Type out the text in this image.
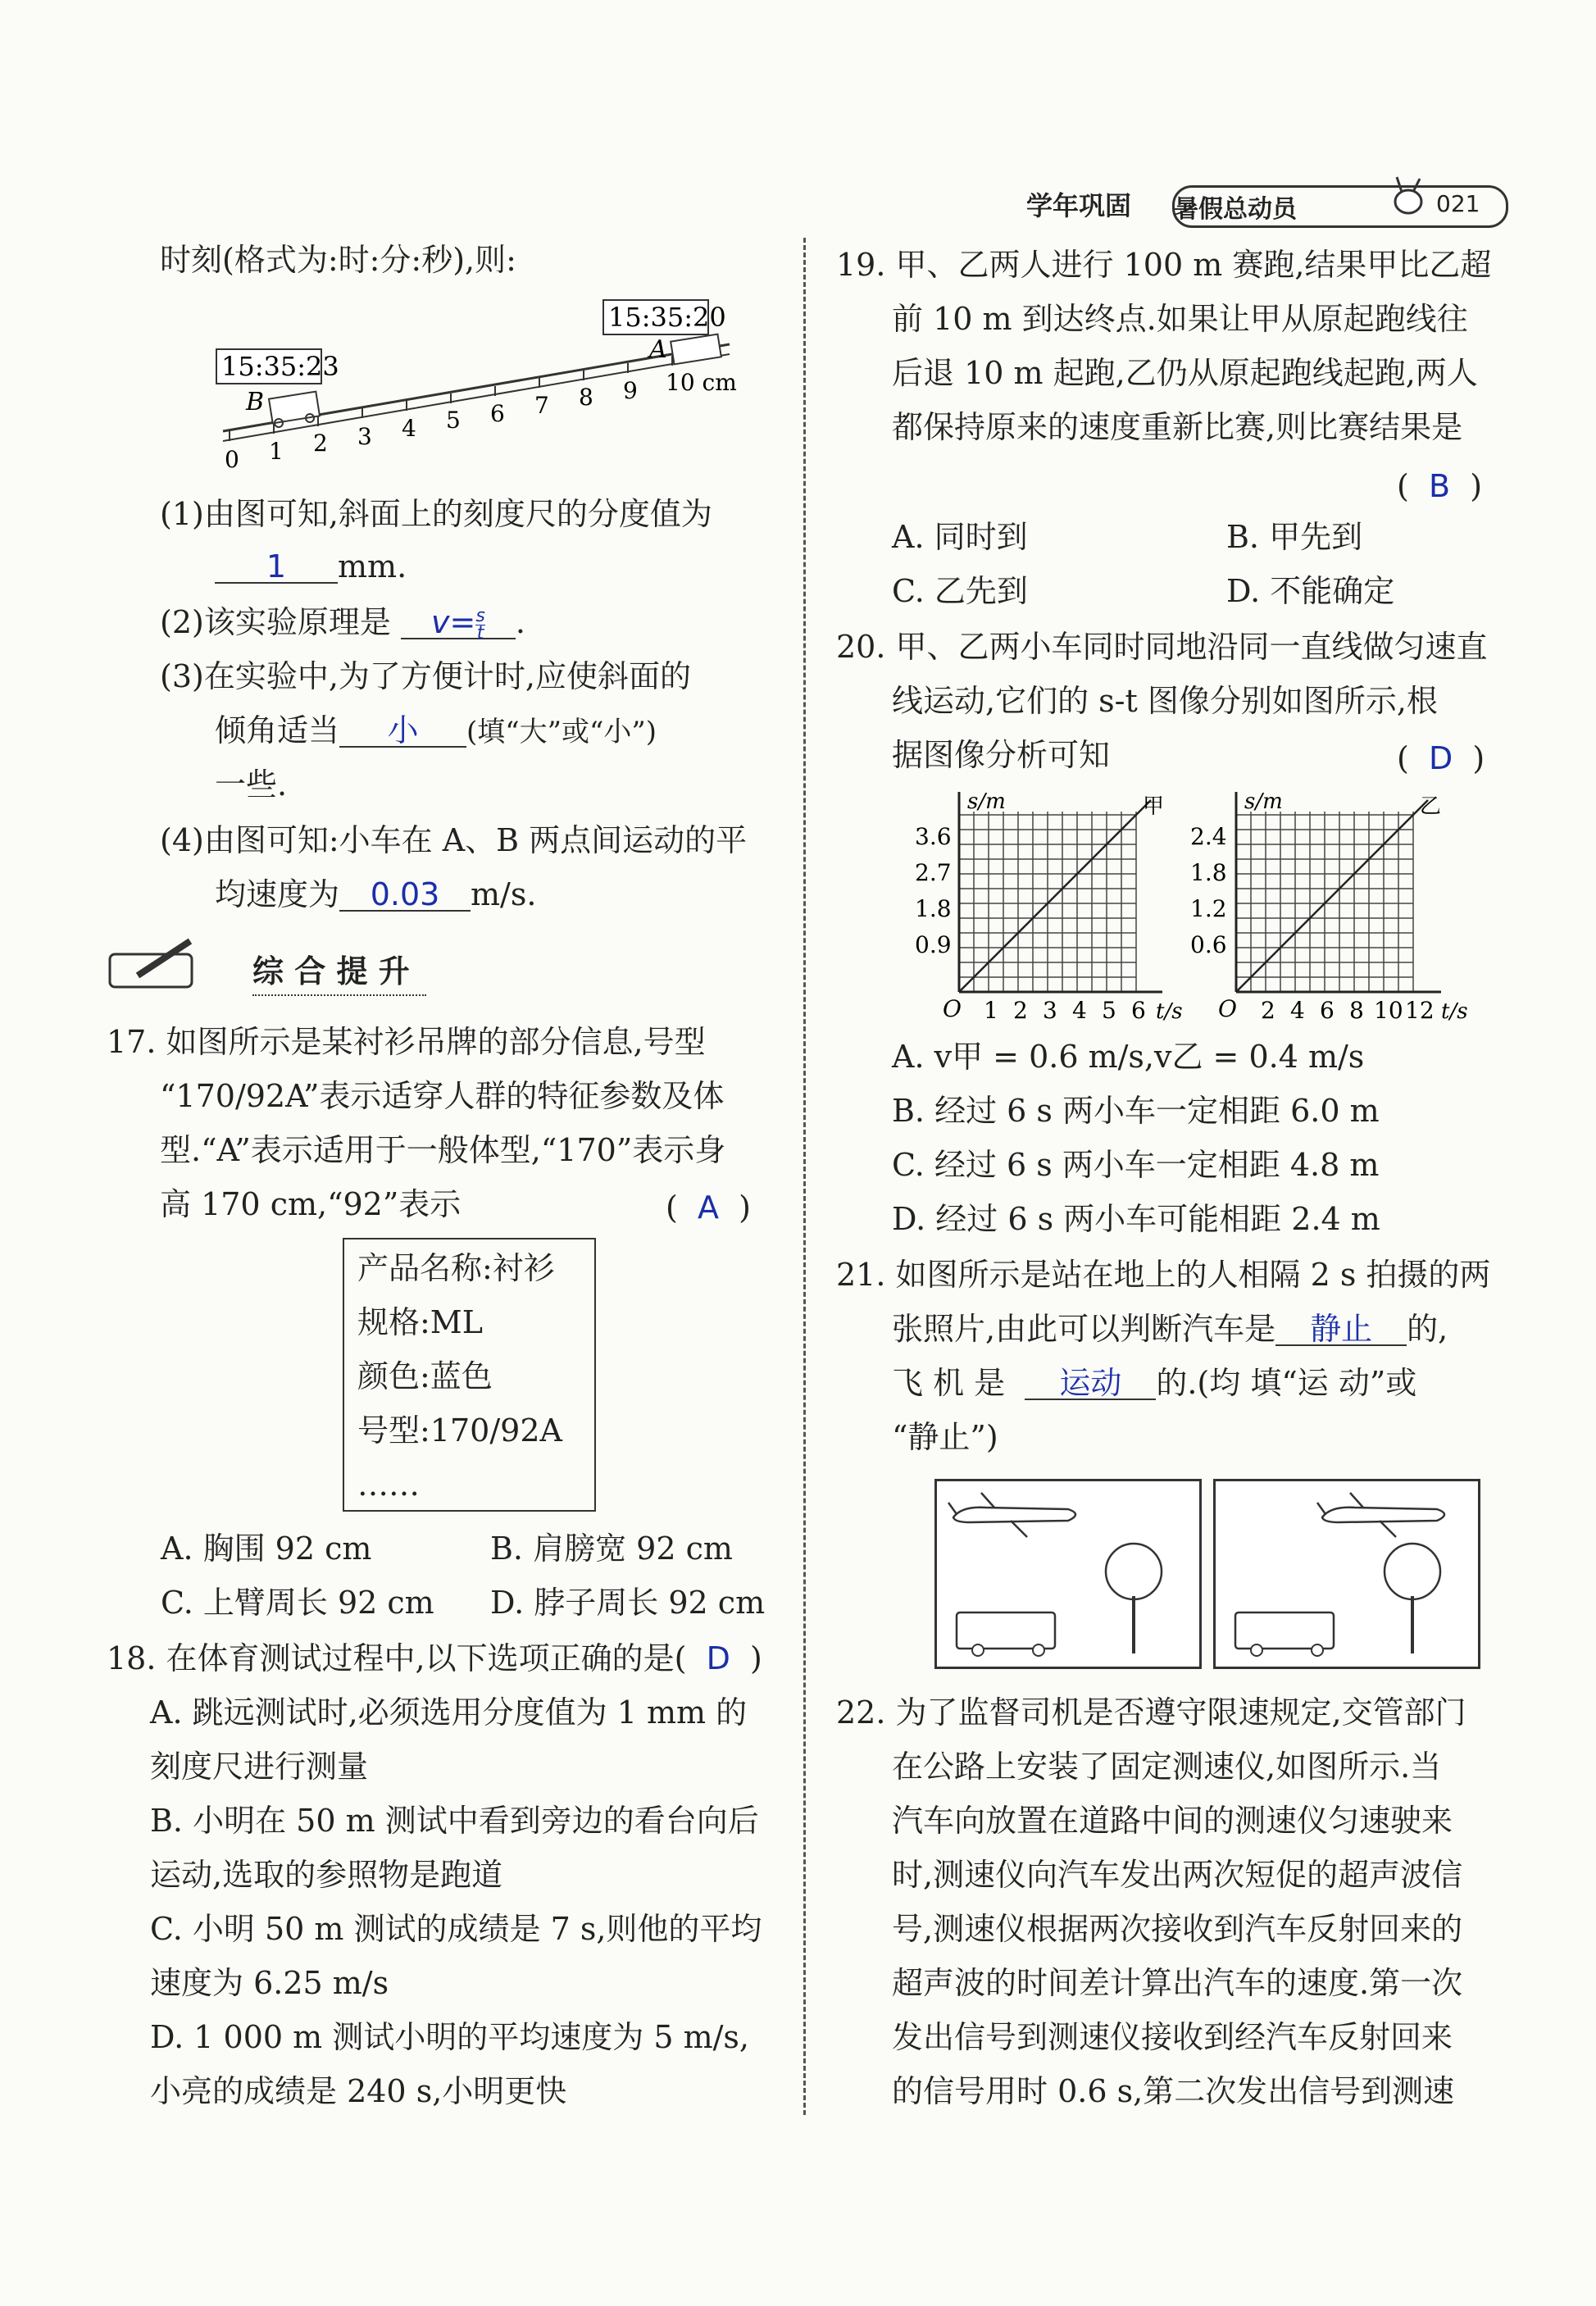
学年巩固 暑假总动员	021
时刻(格式为:时:分:秒),则:
15:35:20
15:35:23
0 1 2 3 4 5 6 7 8 9 10 cm
B
A
(1)由图可知,斜面上的刻度尺的分度值为
1 mm.
(2)该实验原理是 $v= \frac{s}{t}$ .
(3)在实验中,为了方便计时,应使斜面的
倾角适当 小 (填“大”或“小”)
一些.
(4)由图可知:小车在 A、B 两点间运动的平
均速度为 0.03 m/s.
综 合 提 升
17. 如图所示是某衬衫吊牌的部分信息,号型
“170/92A”表示适穿人群的特征参数及体
型.“A”表示适用于一般体型,“170”表示身
高 170 cm,“92”表示	(  A  )
产品名称:衬衫
规格:ML
颜色:蓝色
号型:170/92A
……
A. 胸围 92 cm	B. 肩膀宽 92 cm
C. 上臂周长 92 cm D. 脖子周长 92 cm
18. 在体育测试过程中,以下选项正确的是( D  )
A. 跳远测试时,必须选用分度值为 1 mm 的
刻度尺进行测量
B. 小明在 50 m 测试中看到旁边的看台向后
运动,选取的参照物是跑道
C. 小明 50 m 测试的成绩是 7 s,则他的平均
速度为 6.25 m/s
D. 1 000 m 测试小明的平均速度为 5 m/s,
小亮的成绩是 240 s,小明更快
19. 甲、乙两人进行 100 m 赛跑,结果甲比乙超
前 10 m 到达终点.如果让甲从原起跑线往
后退 10 m 起跑,乙仍从原起跑线起跑,两人
都保持原来的速度重新比赛,则比赛结果是
(  B  )
A. 同时到	B. 甲先到
C. 乙先到	D. 不能确定
20. 甲、乙两小车同时同地沿同一直线做匀速直
线运动,它们的 s-t 图像分别如图所示,根
据图像分析可知	(  D  )
s/m	甲
3.6
2.7
1.8
0.9
O 1 2 3 4 5 6 t/s
s/m	乙
2.4
1.8
1.2
0.6
O 2 4 6 8 10 12 t/s
A. v甲 = 0.6 m/s,v乙 = 0.4 m/s
B. 经过 6 s 两小车一定相距 6.0 m
C. 经过 6 s 两小车一定相距 4.8 m
D. 经过 6 s 两小车可能相距 2.4 m
21. 如图所示是站在地上的人相隔 2 s 拍摄的两
张照片,由此可以判断汽车是 静止 的,
飞 机 是 运动 的.(均 填“运 动”或
“静止”)
22. 为了监督司机是否遵守限速规定,交管部门
在公路上安装了固定测速仪,如图所示.当
汽车向放置在道路中间的测速仪匀速驶来
时,测速仪向汽车发出两次短促的超声波信
号,测速仪根据两次接收到汽车反射回来的
超声波的时间差计算出汽车的速度.第一次
发出信号到测速仪接收到经汽车反射回来
的信号用时 0.6 s,第二次发出信号到测速
